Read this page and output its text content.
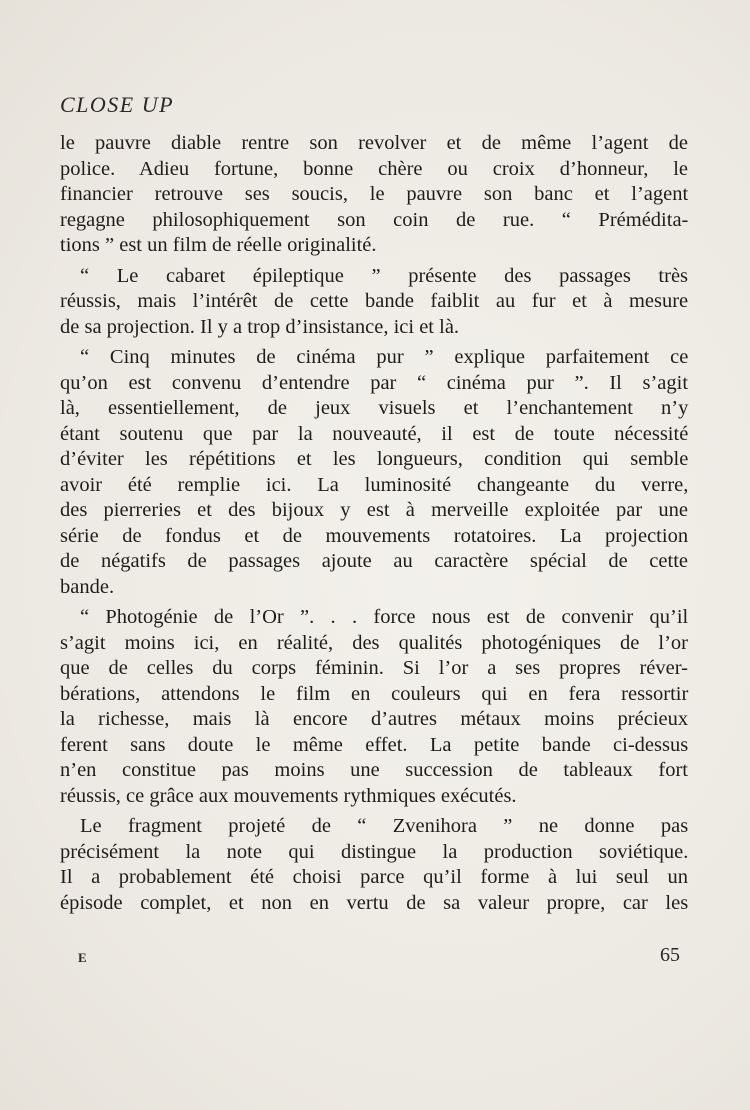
CLOSE UP
le pauvre diable rentre son revolver et de même l’agent de
police. Adieu fortune, bonne chère ou croix d’honneur, le
financier retrouve ses soucis, le pauvre son banc et l’agent
regagne philosophiquement son coin de rue. “ Prémédita-
tions ” est un film de réelle originalité.
“ Le cabaret épileptique ” présente des passages très
réussis, mais l’intérêt de cette bande faiblit au fur et à mesure
de sa projection. Il y a trop d’insistance, ici et là.
“ Cinq minutes de cinéma pur ” explique parfaitement ce
qu’on est convenu d’entendre par “ cinéma pur ”. Il s’agit
là, essentiellement, de jeux visuels et l’enchantement n’y
étant soutenu que par la nouveauté, il est de toute nécessité
d’éviter les répétitions et les longueurs, condition qui semble
avoir été remplie ici. La luminosité changeante du verre,
des pierreries et des bijoux y est à merveille exploitée par une
série de fondus et de mouvements rotatoires. La projection
de négatifs de passages ajoute au caractère spécial de cette
bande.
“ Photogénie de l’Or ”. . . force nous est de convenir qu’il
s’agit moins ici, en réalité, des qualités photogéniques de l’or
que de celles du corps féminin. Si l’or a ses propres réver-
bérations, attendons le film en couleurs qui en fera ressortir
la richesse, mais là encore d’autres métaux moins précieux
ferent sans doute le même effet. La petite bande ci-dessus
n’en constitue pas moins une succession de tableaux fort
réussis, ce grâce aux mouvements rythmiques exécutés.
Le fragment projeté de “ Zvenihora ” ne donne pas
précisément la note qui distingue la production soviétique.
Il a probablement été choisi parce qu’il forme à lui seul un
épisode complet, et non en vertu de sa valeur propre, car les
E	65
